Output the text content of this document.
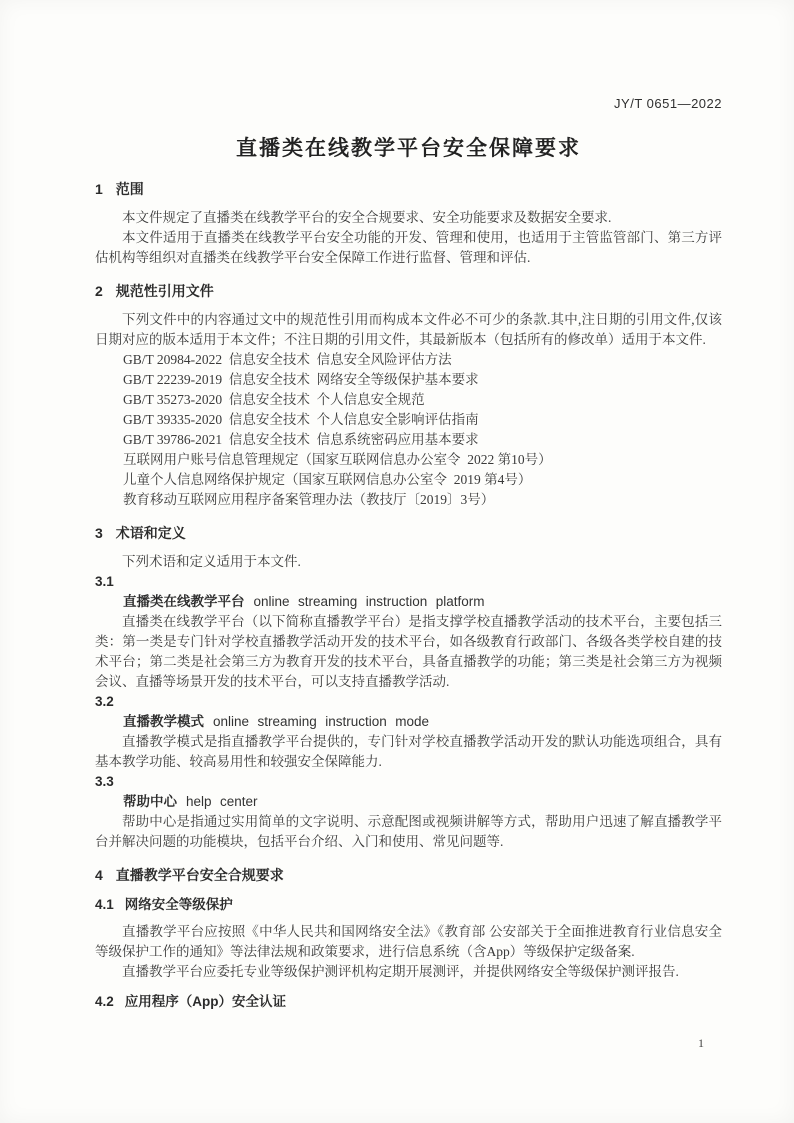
JY/T 0651—2022
直播类在线教学平台安全保障要求
1 范围

本文件规定了直播类在线教学平台的安全合规要求、安全功能要求及数据安全要求.

本文件适用于直播类在线教学平台安全功能的开发、管理和使用，也适用于主管监管部门、第三方评估机构等组织对直播类在线教学平台安全保障工作进行监督、管理和评估.

2 规范性引用文件

下列文件中的内容通过文中的规范性引用而构成本文件必不可少的条款.其中,注日期的引用文件,仅该日期对应的版本适用于本文件；不注日期的引用文件，其最新版本（包括所有的修改单）适用于本文件.

GB/T 20984-2022  信息安全技术  信息安全风险评估方法
GB/T 22239-2019  信息安全技术  网络安全等级保护基本要求
GB/T 35273-2020  信息安全技术  个人信息安全规范
GB/T 39335-2020  信息安全技术  个人信息安全影响评估指南
GB/T 39786-2021  信息安全技术  信息系统密码应用基本要求
互联网用户账号信息管理规定（国家互联网信息办公室令  2022 第10号）
儿童个人信息网络保护规定（国家互联网信息办公室令  2019 第4号）
教育移动互联网应用程序备案管理办法（教技厅〔2019〕3号）
3 术语和定义

下列术语和定义适用于本文件.

3.1
直播类在线教学平台 online streaming instruction platform

直播类在线教学平台（以下简称直播教学平台）是指支撑学校直播教学活动的技术平台，主要包括三类：第一类是专门针对学校直播教学活动开发的技术平台，如各级教育行政部门、各级各类学校自建的技术平台；第二类是社会第三方为教育开发的技术平台，具备直播教学的功能；第三类是社会第三方为视频会议、直播等场景开发的技术平台，可以支持直播教学活动.

3.2
直播教学模式 online streaming instruction mode

直播教学模式是指直播教学平台提供的，专门针对学校直播教学活动开发的默认功能选项组合，具有基本教学功能、较高易用性和较强安全保障能力.

3.3
帮助中心 help center

帮助中心是指通过实用简单的文字说明、示意配图或视频讲解等方式，帮助用户迅速了解直播教学平台并解决问题的功能模块，包括平台介绍、入门和使用、常见问题等.

4 直播教学平台安全合规要求
4.1 网络安全等级保护

直播教学平台应按照《中华人民共和国网络安全法》《教育部 公安部关于全面推进教育行业信息安全等级保护工作的通知》等法律法规和政策要求，进行信息系统（含App）等级保护定级备案.

直播教学平台应委托专业等级保护测评机构定期开展测评，并提供网络安全等级保护测评报告.

4.2 应用程序（App）安全认证
1
